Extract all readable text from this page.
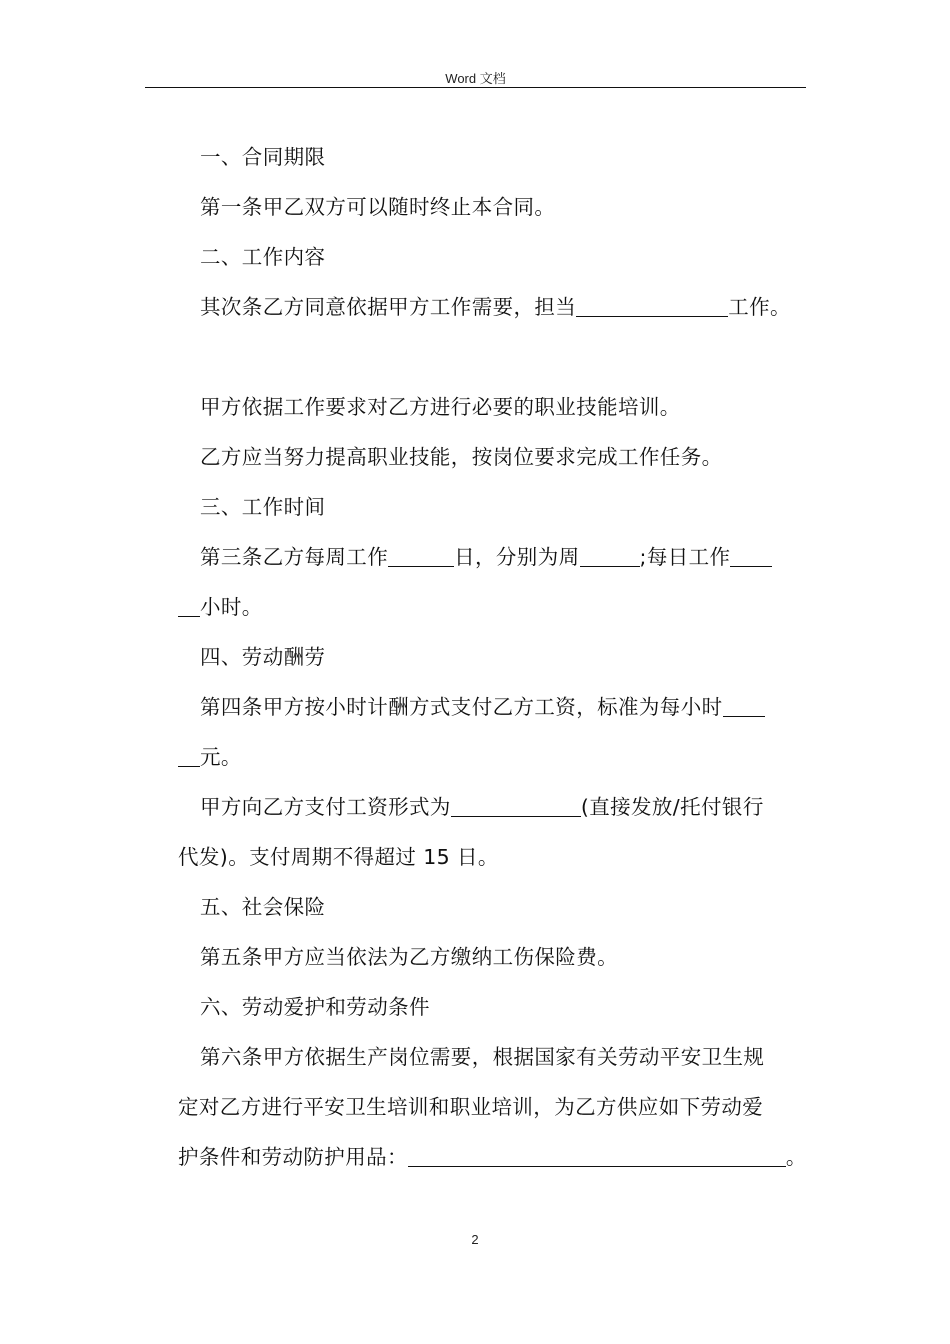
Word 文档

一、合同期限

第一条甲乙双方可以随时终止本合同。

二、工作内容

其次条乙方同意依据甲方工作需要，担当	工作。

甲方依据工作要求对乙方进行必要的职业技能培训。

乙方应当努力提高职业技能，按岗位要求完成工作任务。

三、工作时间

第三条乙方每周工作	日，分别为周	;每日工作

小时。

四、劳动酬劳

第四条甲方按小时计酬方式支付乙方工资，标准为每小时

元。

甲方向乙方支付工资形式为	(直接发放/托付银行

代发)。支付周期不得超过 15 日。

五、社会保险

第五条甲方应当依法为乙方缴纳工伤保险费。

六、劳动爱护和劳动条件

第六条甲方依据生产岗位需要，根据国家有关劳动平安卫生规

定对乙方进行平安卫生培训和职业培训，为乙方供应如下劳动爱

护条件和劳动防护用品：	。

2
